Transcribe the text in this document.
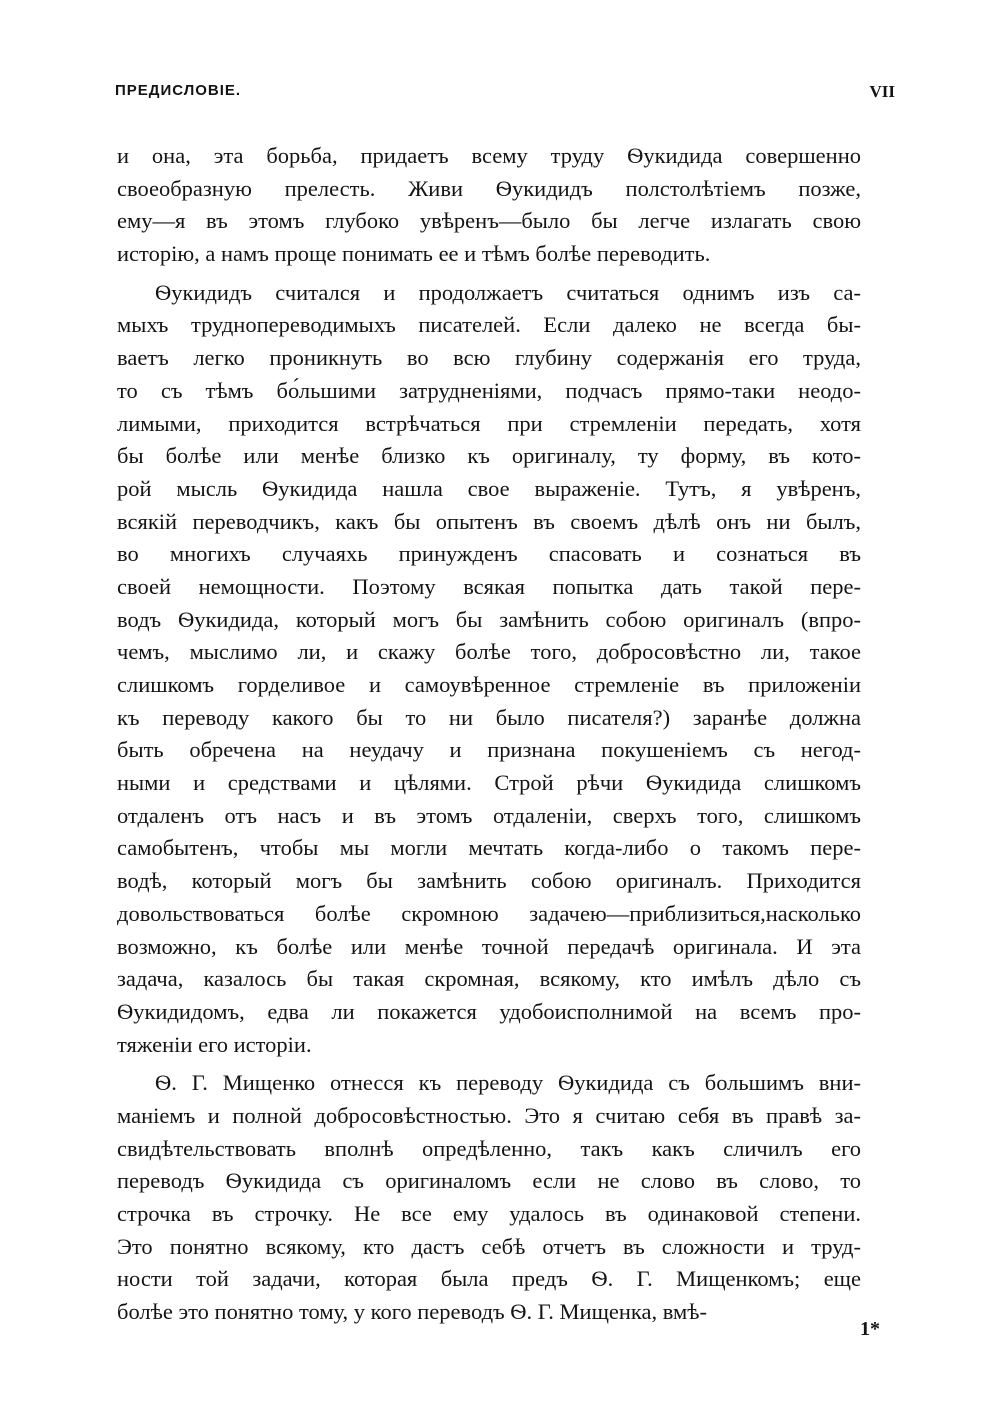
ПРЕДИСЛОВІЕ.	VII
и она, эта борьба, придаетъ всему труду Ѳукидида совершенно
своеобразную прелесть. Живи Ѳукидидъ полстолѣтіемъ позже,
ему—я въ этомъ глубоко увѣренъ—было бы легче излагать свою
исторію, а намъ проще понимать ее и тѣмъ болѣе переводить.
Ѳукидидъ считался и продолжаетъ считаться однимъ изъ са-
мыхъ труднопереводимыхъ писателей. Если далеко не всегда бы-
ваетъ легко проникнуть во всю глубину содержанія его труда,
то съ тѣмъ бо́льшими затрудненіями, подчасъ прямо-таки неодо-
лимыми, приходится встрѣчаться при стремленіи передать, хотя
бы болѣе или менѣе близко къ оригиналу, ту форму, въ кото-
рой мысль Ѳукидида нашла свое выраженіе. Тутъ, я увѣренъ,
всякій переводчикъ, какъ бы опытенъ въ своемъ дѣлѣ онъ ни былъ,
во многихъ случаяхь принужденъ спасовать и сознаться въ
своей немощности. Поэтому всякая попытка дать такой пере-
водъ Ѳукидида, который могъ бы замѣнить собою оригиналъ (впро-
чемъ, мыслимо ли, и скажу болѣе того, добросовѣстно ли, такое
слишкомъ горделивое и самоувѣренное стремленіе въ приложеніи
къ переводу какого бы то ни было писателя?) заранѣе должна
быть обречена на неудачу и признана покушеніемъ съ негод-
ными и средствами и цѣлями. Строй рѣчи Ѳукидида слишкомъ
отдаленъ отъ насъ и въ этомъ отдаленіи, сверхъ того, слишкомъ
самобытенъ, чтобы мы могли мечтать когда-либо о такомъ пере-
водѣ, который могъ бы замѣнить собою оригиналъ. Приходится
довольствоваться болѣе скромною задачею—приблизиться,насколько
возможно, къ болѣе или менѣе точной передачѣ оригинала. И эта
задача, казалось бы такая скромная, всякому, кто имѣлъ дѣло съ
Ѳукидидомъ, едва ли покажется удобоисполнимой на всемъ про-
тяженіи его исторіи.
Ѳ. Г. Мищенко отнесся къ переводу Ѳукидида съ большимъ вни-
маніемъ и полной добросовѣстностью. Это я считаю себя въ правѣ за-
свидѣтельствовать вполнѣ опредѣленно, такъ какъ сличилъ его
переводъ Ѳукидида съ оригиналомъ если не слово въ слово, то
строчка въ строчку. Не все ему удалось въ одинаковой степени.
Это понятно всякому, кто дастъ себѣ отчетъ въ сложности и труд-
ности той задачи, которая была предъ Ѳ. Г. Мищенкомъ; еще
болѣе это понятно тому, у кого переводъ Ѳ. Г. Мищенка, вмѣ-
1*
